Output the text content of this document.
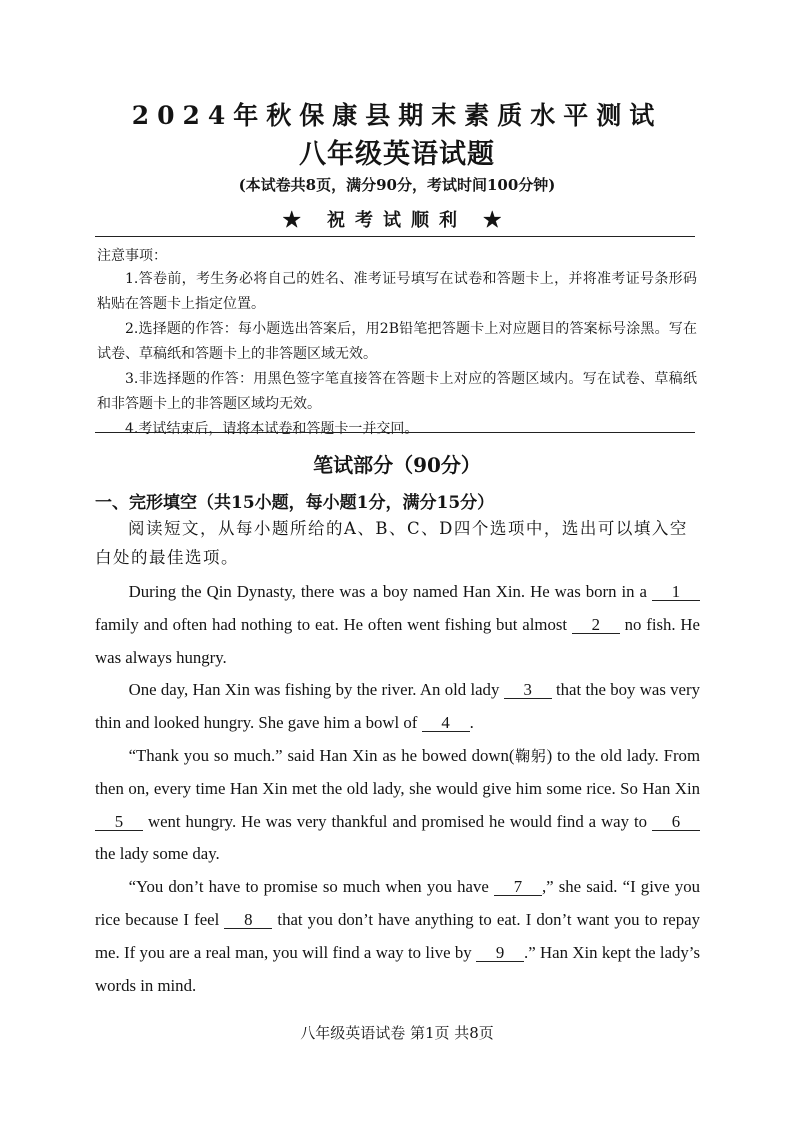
2024年秋保康县期末素质水平测试
八年级英语试题
(本试卷共8页，满分90分，考试时间100分钟)
★ 祝考试顺利 ★
注意事项：

1.答卷前，考生务必将自己的姓名、准考证号填写在试卷和答题卡上，并将准考证号条形码粘贴在答题卡上指定位置。

2.选择题的作答：每小题选出答案后，用2B铅笔把答题卡上对应题目的答案标号涂黑。写在试卷、草稿纸和答题卡上的非答题区域无效。

3.非选择题的作答：用黑色签字笔直接答在答题卡上对应的答题区域内。写在试卷、草稿纸和非答题卡上的非答题区域均无效。

4.考试结束后，请将本试卷和答题卡一并交回。

笔试部分（90分）
一、完形填空（共15小题，每小题1分，满分15分）

阅读短文，从每小题所给的A、B、C、D四个选项中，选出可以填入空白处的最佳选项。

During the Qin Dynasty, there was a boy named Han Xin. He was born in a 1 family and often had nothing to eat. He often went fishing but almost 2 no fish. He was always hungry.

One day, Han Xin was fishing by the river. An old lady 3 that the boy was very thin and looked hungry. She gave him a bowl of 4 .

“Thank you so much.” said Han Xin as he bowed down(鞠躬) to the old lady. From then on, every time Han Xin met the old lady, she would give him some rice. So Han Xin 5 went hungry. He was very thankful and promised he would find a way to 6 the lady some day.

“You don’t have to promise so much when you have 7 ,” she said. “I give you rice because I feel 8 that you don’t have anything to eat. I don’t want you to repay me. If you are a real man, you will find a way to live by 9 .” Han Xin kept the lady’s words in mind.

八年级英语试卷 第1页 共8页
